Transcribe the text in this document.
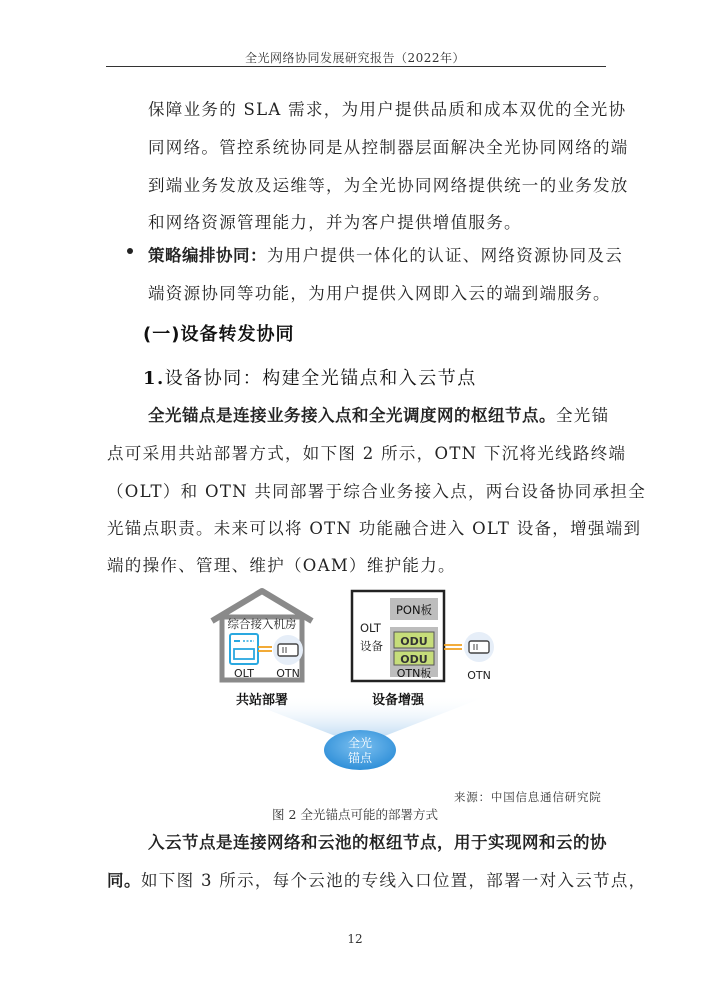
全光网络协同发展研究报告（2022年）
保障业务的 SLA 需求，为用户提供品质和成本双优的全光协
同网络。管控系统协同是从控制器层面解决全光协同网络的端
到端业务发放及运维等，为全光协同网络提供统一的业务发放
和网络资源管理能力，并为客户提供增值服务。
策略编排协同：为用户提供一体化的认证、网络资源协同及云
端资源协同等功能，为用户提供入网即入云的端到端服务。
(一)设备转发协同
1.设备协同：构建全光锚点和入云节点
全光锚点是连接业务接入点和全光调度网的枢纽节点。全光锚
点可采用共站部署方式，如下图 2 所示，OTN 下沉将光线路终端
（OLT）和 OTN 共同部署于综合业务接入点，两台设备协同承担全
光锚点职责。未来可以将 OTN 功能融合进入 OLT 设备，增强端到
端的操作、管理、维护（OAM）维护能力。
综合接入机房
OLT OTN
共站部署
OLT
设备
PON板
ODU
ODU
OTN板	OTN
设备增强
全光
锚点
来源：中国信息通信研究院
图 2 全光锚点可能的部署方式
入云节点是连接网络和云池的枢纽节点，用于实现网和云的协
同。如下图 3 所示，每个云池的专线入口位置，部署一对入云节点，
12
